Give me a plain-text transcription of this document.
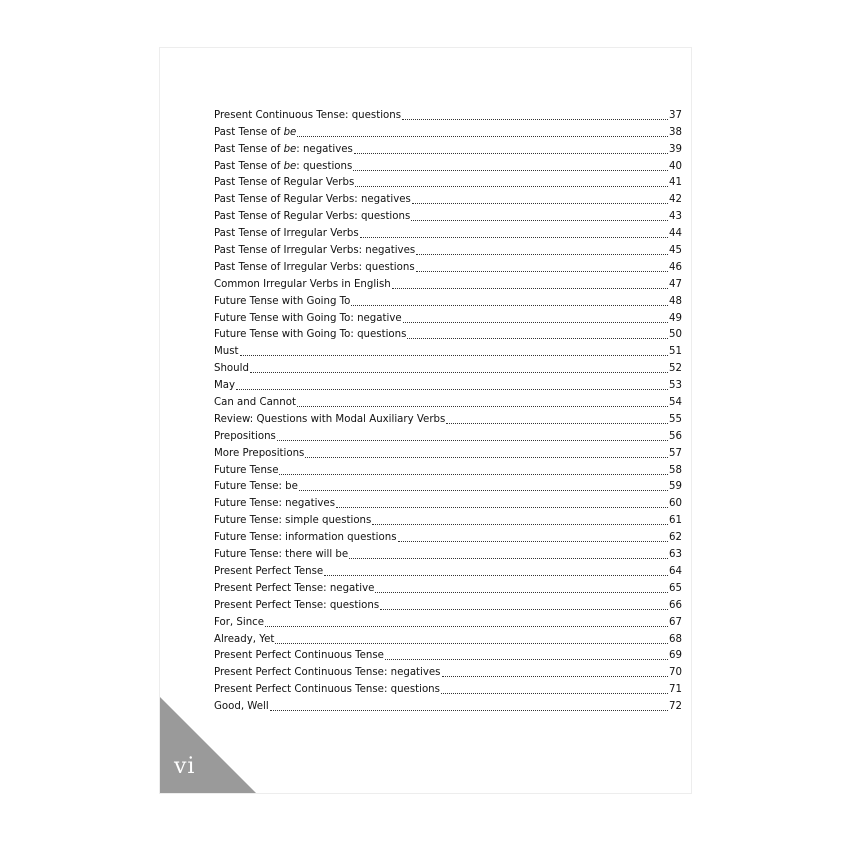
Present Continuous Tense: questions	37
Past Tense of be	38
Past Tense of be: negatives	39
Past Tense of be: questions	40
Past Tense of Regular Verbs	41
Past Tense of Regular Verbs: negatives	42
Past Tense of Regular Verbs: questions	43
Past Tense of Irregular Verbs	44
Past Tense of Irregular Verbs: negatives	45
Past Tense of Irregular Verbs: questions	46
Common Irregular Verbs in English	47
Future Tense with Going To	48
Future Tense with Going To: negative	49
Future Tense with Going To: questions	50
Must	51
Should	52
May	53
Can and Cannot	54
Review: Questions with Modal Auxiliary Verbs	55
Prepositions	56
More Prepositions	57
Future Tense	58
Future Tense: be	59
Future Tense: negatives	60
Future Tense: simple questions	61
Future Tense: information questions	62
Future Tense: there will be	63
Present Perfect Tense	64
Present Perfect Tense: negative	65
Present Perfect Tense: questions	66
For, Since	67
Already, Yet	68
Present Perfect Continuous Tense	69
Present Perfect Continuous Tense: negatives	70
Present Perfect Continuous Tense: questions	71
Good, Well	72
vi
